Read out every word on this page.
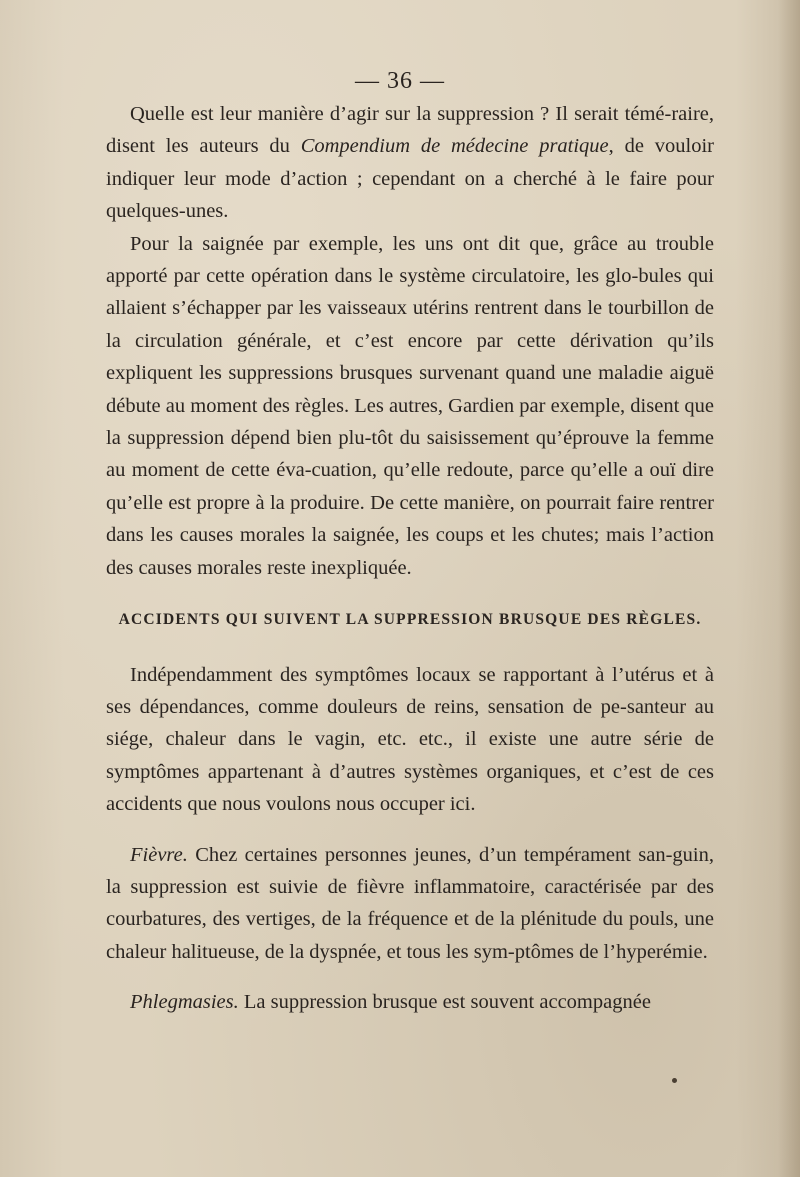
— 36 —

Quelle est leur manière d’agir sur la suppression ? Il serait témé-raire, disent les auteurs du Compendium de médecine pratique, de vouloir indiquer leur mode d’action ; cependant on a cherché à le faire pour quelques-unes.

Pour la saignée par exemple, les uns ont dit que, grâce au trouble apporté par cette opération dans le système circulatoire, les glo-bules qui allaient s’échapper par les vaisseaux utérins rentrent dans le tourbillon de la circulation générale, et c’est encore par cette dérivation qu’ils expliquent les suppressions brusques survenant quand une maladie aiguë débute au moment des règles. Les autres, Gardien par exemple, disent que la suppression dépend bien plu-tôt du saisissement qu’éprouve la femme au moment de cette éva-cuation, qu’elle redoute, parce qu’elle a ouï dire qu’elle est propre à la produire. De cette manière, on pourrait faire rentrer dans les causes morales la saignée, les coups et les chutes; mais l’action des causes morales reste inexpliquée.

ACCIDENTS QUI SUIVENT LA SUPPRESSION BRUSQUE DES RÈGLES.

Indépendamment des symptômes locaux se rapportant à l’utérus et à ses dépendances, comme douleurs de reins, sensation de pe-santeur au siége, chaleur dans le vagin, etc. etc., il existe une autre série de symptômes appartenant à d’autres systèmes organiques, et c’est de ces accidents que nous voulons nous occuper ici.

Fièvre. Chez certaines personnes jeunes, d’un tempérament san-guin, la suppression est suivie de fièvre inflammatoire, caractérisée par des courbatures, des vertiges, de la fréquence et de la plénitude du pouls, une chaleur halitueuse, de la dyspnée, et tous les sym-ptômes de l’hyperémie.

Phlegmasies. La suppression brusque est souvent accompagnée
